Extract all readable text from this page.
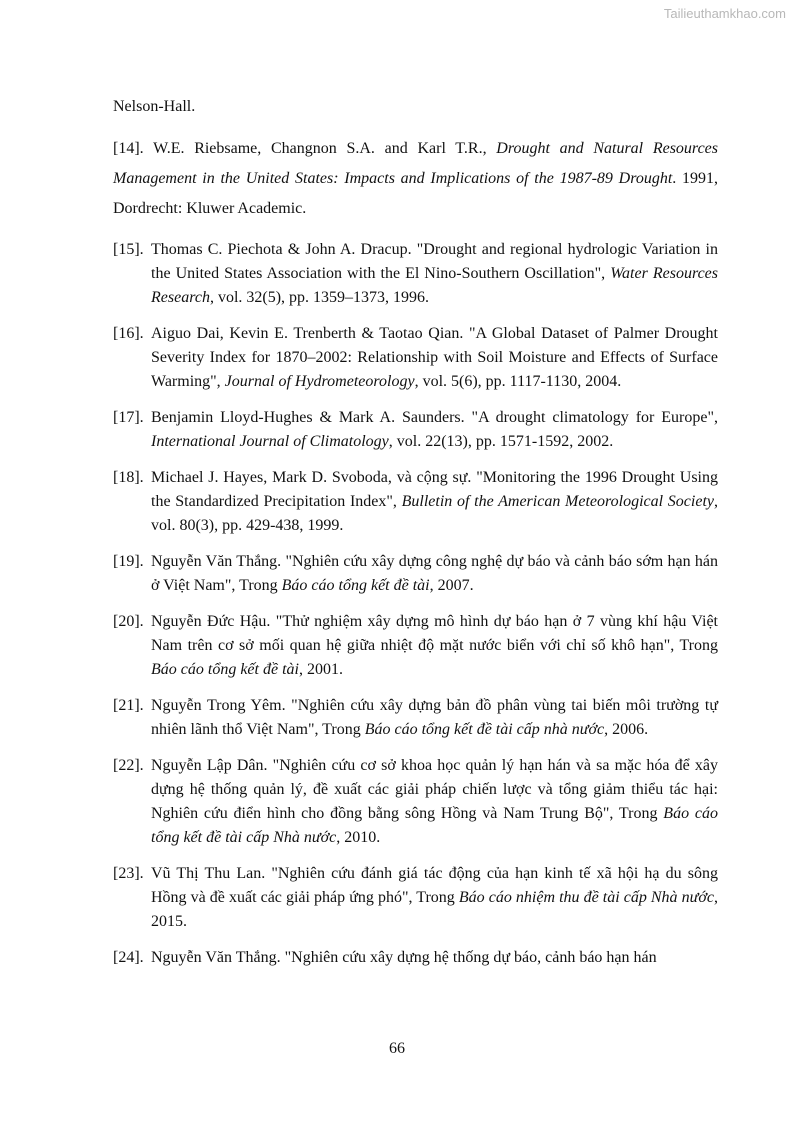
Tailieuthamkhao.com

Nelson-Hall.

[14]. W.E. Riebsame, Changnon S.A. and Karl T.R., Drought and Natural Resources Management in the United States: Impacts and Implications of the 1987-89 Drought. 1991, Dordrecht: Kluwer Academic.

[15]. Thomas C. Piechota & John A. Dracup. "Drought and regional hydrologic Variation in the United States Association with the El Nino-Southern Oscillation", Water Resources Research, vol. 32(5), pp. 1359–1373, 1996.
[16]. Aiguo Dai, Kevin E. Trenberth & Taotao Qian. "A Global Dataset of Palmer Drought Severity Index for 1870–2002: Relationship with Soil Moisture and Effects of Surface Warming", Journal of Hydrometeorology, vol. 5(6), pp. 1117-1130, 2004.
[17]. Benjamin Lloyd-Hughes & Mark A. Saunders. "A drought climatology for Europe", International Journal of Climatology, vol. 22(13), pp. 1571-1592, 2002.
[18]. Michael J. Hayes, Mark D. Svoboda, và cộng sự. "Monitoring the 1996 Drought Using the Standardized Precipitation Index", Bulletin of the American Meteorological Society, vol. 80(3), pp. 429-438, 1999.
[19]. Nguyễn Văn Thắng. "Nghiên cứu xây dựng công nghệ dự báo và cảnh báo sớm hạn hán ở Việt Nam", Trong Báo cáo tổng kết đề tài, 2007.
[20]. Nguyễn Đức Hậu. "Thử nghiệm xây dựng mô hình dự báo hạn ở 7 vùng khí hậu Việt Nam trên cơ sở mối quan hệ giữa nhiệt độ mặt nước biển với chỉ số khô hạn", Trong Báo cáo tổng kết đề tài, 2001.
[21]. Nguyễn Trong Yêm. "Nghiên cứu xây dựng bản đồ phân vùng tai biến môi trường tự nhiên lãnh thổ Việt Nam", Trong Báo cáo tổng kết đề tài cấp nhà nước, 2006.
[22]. Nguyễn Lập Dân. "Nghiên cứu cơ sở khoa học quản lý hạn hán và sa mặc hóa để xây dựng hệ thống quản lý, đề xuất các giải pháp chiến lược và tổng giảm thiểu tác hại: Nghiên cứu điển hình cho đồng bằng sông Hồng và Nam Trung Bộ", Trong Báo cáo tổng kết đề tài cấp Nhà nước, 2010.
[23]. Vũ Thị Thu Lan. "Nghiên cứu đánh giá tác động của hạn kinh tế xã hội hạ du sông Hồng và đề xuất các giải pháp ứng phó", Trong Báo cáo nhiệm thu đề tài cấp Nhà nước, 2015.
[24]. Nguyễn Văn Thắng. "Nghiên cứu xây dựng hệ thống dự báo, cảnh báo hạn hán
66
